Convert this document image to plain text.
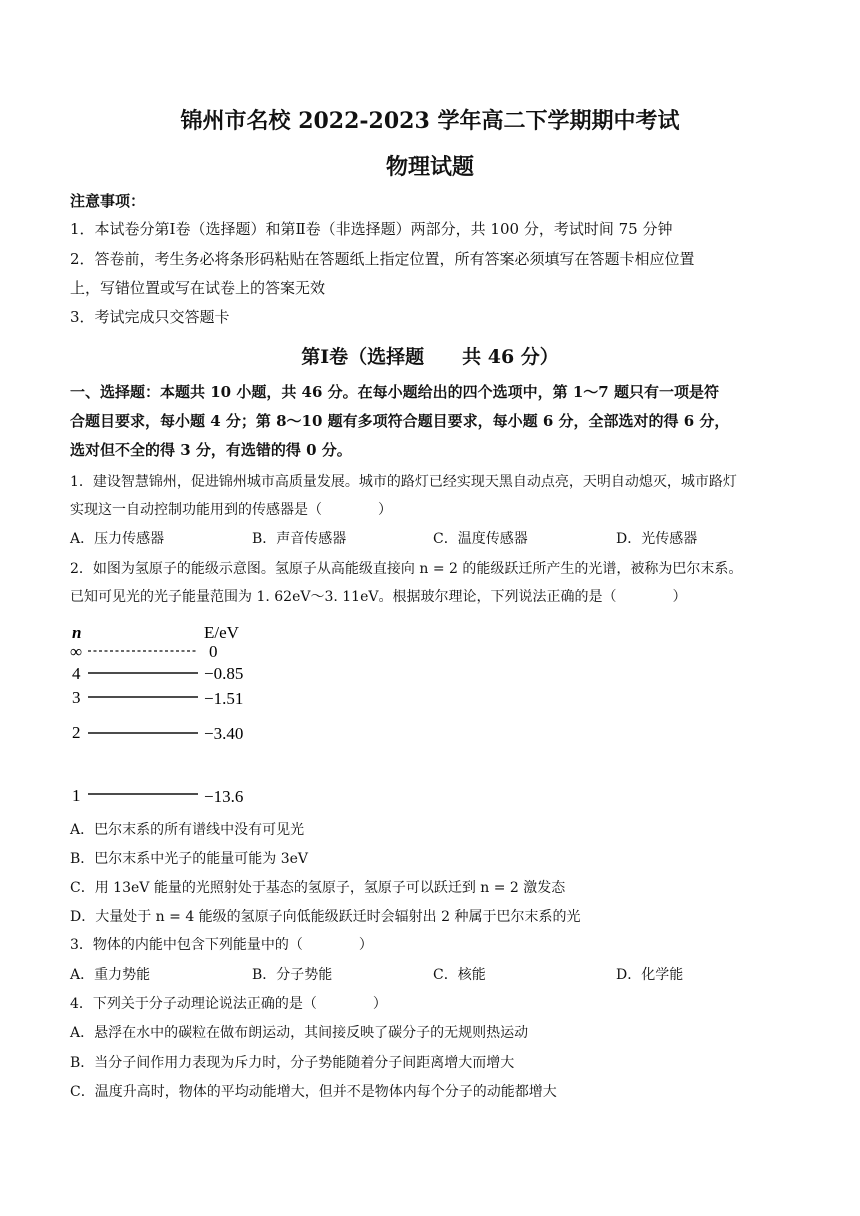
锦州市名校 2022-2023 学年高二下学期期中考试
物理试题
注意事项：
1．本试卷分第Ⅰ卷（选择题）和第Ⅱ卷（非选择题）两部分，共 100 分，考试时间 75 分钟
2．答卷前，考生务必将条形码粘贴在答题纸上指定位置，所有答案必须填写在答题卡相应位置
上，写错位置或写在试卷上的答案无效
3．考试完成只交答题卡
第Ⅰ卷（选择题　　共 46 分）
一、选择题：本题共 10 小题，共 46 分。在每小题给出的四个选项中，第 1～7 题只有一项是符
合题目要求，每小题 4 分；第 8～10 题有多项符合题目要求，每小题 6 分，全部选对的得 6 分，
选对但不全的得 3 分，有选错的得 0 分。
1．建设智慧锦州，促进锦州城市高质量发展。城市的路灯已经实现天黑自动点亮，天明自动熄灭，城市路灯
实现这一自动控制功能用到的传感器是（　　　　）
A．压力传感器	B．声音传感器	C．温度传感器	D．光传感器
2．如图为氢原子的能级示意图。氢原子从高能级直接向 n = 2 的能级跃迁所产生的光谱，被称为巴尔末系。
已知可见光的光子能量范围为 1. 62eV～3. 11eV。根据玻尔理论，下列说法正确的是（　　　　）
n	E/eV
∞	0
4	−0.85
3	−1.51
2	−3.40
1	−13.6
A．巴尔末系的所有谱线中没有可见光
B．巴尔末系中光子的能量可能为 3eV
C．用 13eV 能量的光照射处于基态的氢原子，氢原子可以跃迁到 n = 2 激发态
D．大量处于 n = 4 能级的氢原子向低能级跃迁时会辐射出 2 种属于巴尔末系的光
3．物体的内能中包含下列能量中的（　　　　）
A．重力势能	B．分子势能	C．核能	D．化学能
4．下列关于分子动理论说法正确的是（　　　　）
A．悬浮在水中的碳粒在做布朗运动，其间接反映了碳分子的无规则热运动
B．当分子间作用力表现为斥力时，分子势能随着分子间距离增大而增大
C．温度升高时，物体的平均动能增大，但并不是物体内每个分子的动能都增大
